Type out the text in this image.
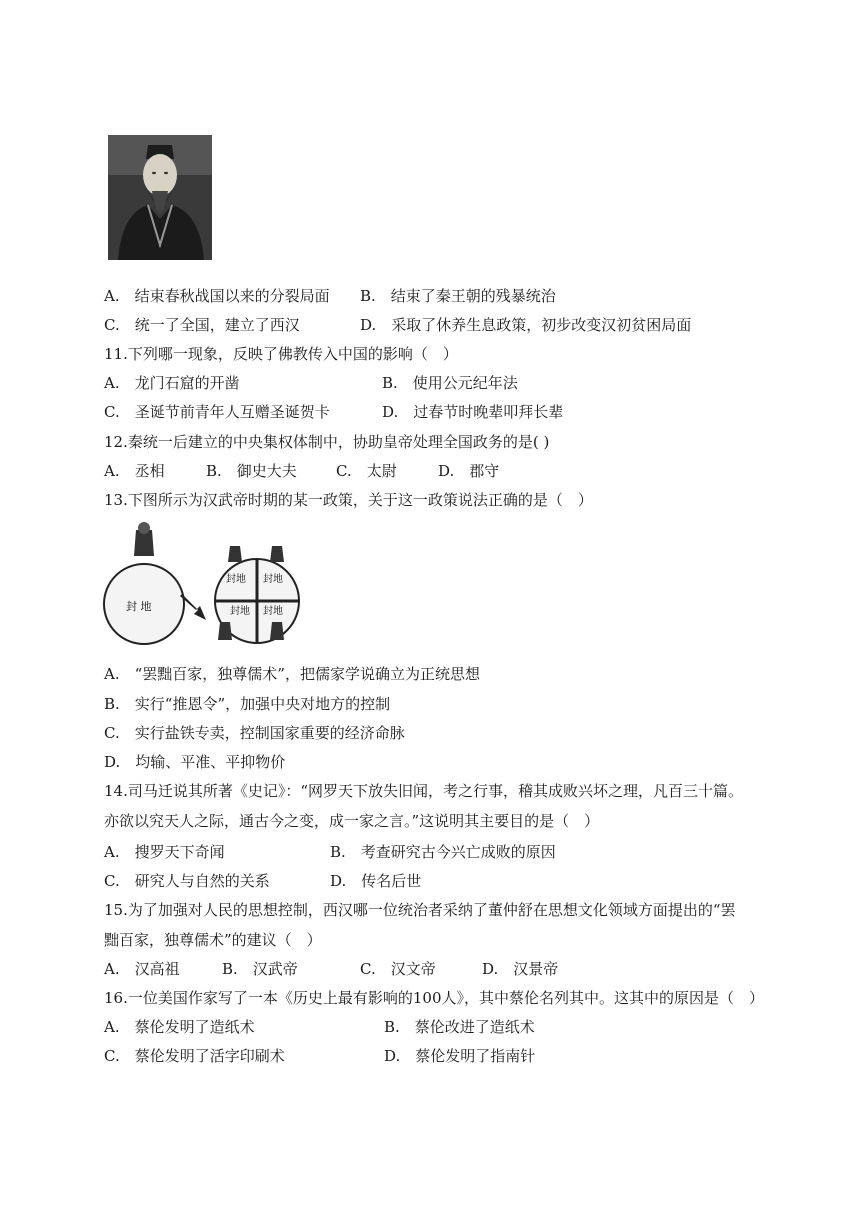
A.　结束春秋战国以来的分裂局面 B.　结束了秦王朝的残暴统治
C.　统一了全国，建立了西汉	D.　采取了休养生息政策，初步改变汉初贫困局面
11.下列哪一现象，反映了佛教传入中国的影响（　）
A.　龙门石窟的开凿	B.　使用公元纪年法
C.　圣诞节前青年人互赠圣诞贺卡	D.　过春节时晚辈叩拜长辈
12.秦统一后建立的中央集权体制中，协助皇帝处理全国政务的是( )
A.　丞相	B.　御史大夫	C.　太尉	D.　郡守
13.下图所示为汉武帝时期的某一政策，关于这一政策说法正确的是（　）
封 地
封地 封地
封地 封地
A.　“罢黜百家，独尊儒术”，把儒家学说确立为正统思想
B.　实行“推恩令”，加强中央对地方的控制
C.　实行盐铁专卖，控制国家重要的经济命脉
D.　均输、平准、平抑物价
14.司马迁说其所著《史记》：“网罗天下放失旧闻，考之行事，稽其成败兴坏之理，凡百三十篇。
亦欲以究天人之际，通古今之变，成一家之言。”这说明其主要目的是（　）
A.　搜罗天下奇闻	B.　考查研究古今兴亡成败的原因
C.　研究人与自然的关系	D.　传名后世
15.为了加强对人民的思想控制，西汉哪一位统治者采纳了董仲舒在思想文化领域方面提出的“罢
黜百家，独尊儒术”的建议（　）
A.　汉高祖	B.　汉武帝	C.　汉文帝	D.　汉景帝
16.一位美国作家写了一本《历史上最有影响的100人》，其中蔡伦名列其中。这其中的原因是（　）
A.　蔡伦发明了造纸术	B.　蔡伦改进了造纸术
C.　蔡伦发明了活字印刷术	D.　蔡伦发明了指南针
